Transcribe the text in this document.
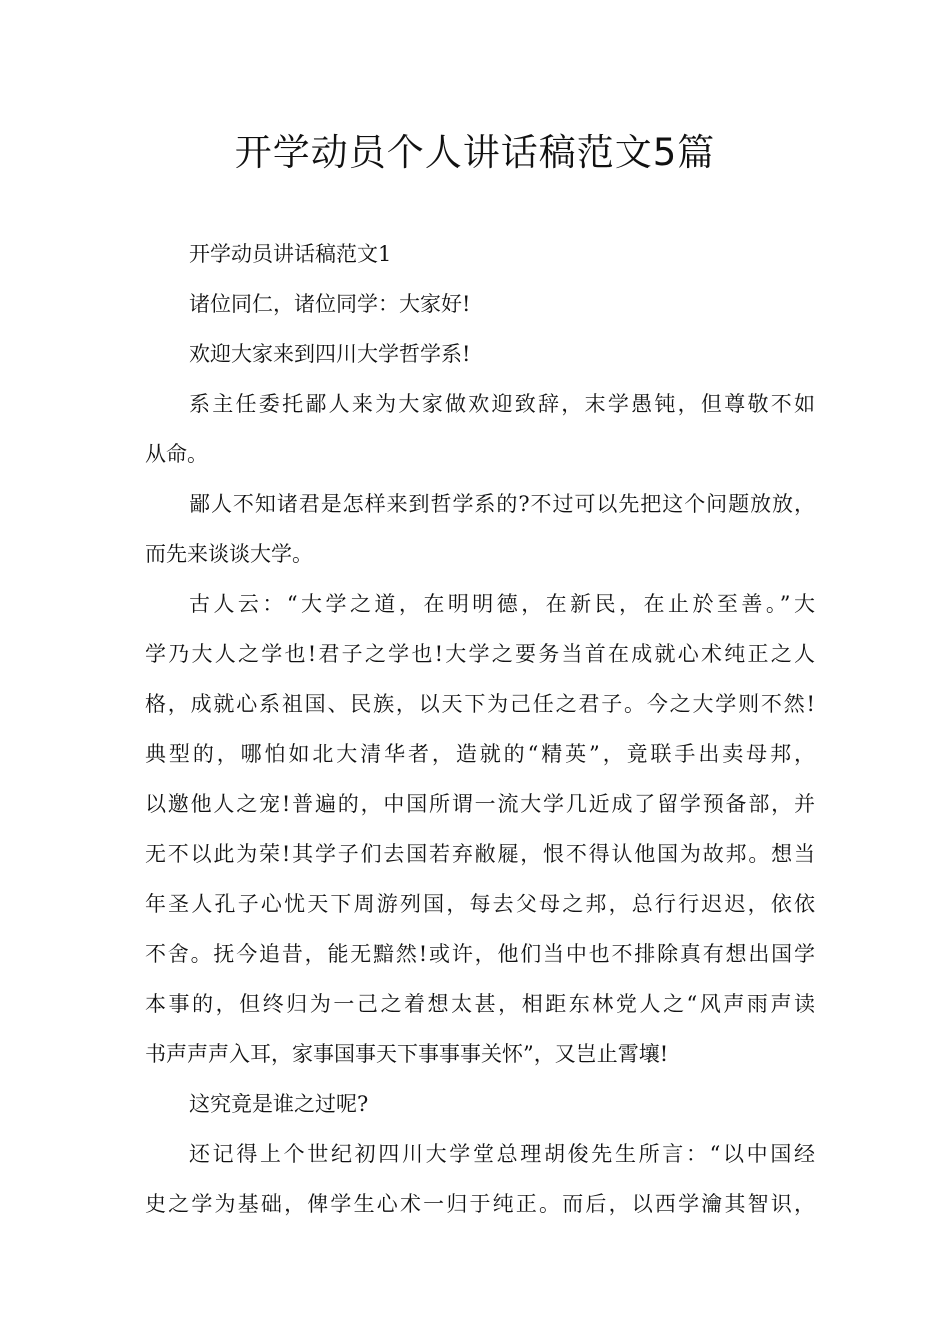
开学动员个人讲话稿范文5篇

开学动员讲话稿范文1

诸位同仁，诸位同学：大家好!

欢迎大家来到四川大学哲学系!

系主任委托鄙人来为大家做欢迎致辞，末学愚钝，但尊敬不如
从命。

鄙人不知诸君是怎样来到哲学系的?不过可以先把这个问题放放，
而先来谈谈大学。

古人云：“大学之道，在明明德，在新民，在止於至善。”大
学乃大人之学也!君子之学也!大学之要务当首在成就心术纯正之人
格，成就心系祖国、民族，以天下为己任之君子。今之大学则不然!
典型的，哪怕如北大清华者，造就的“精英”，竟联手出卖母邦，
以邀他人之宠!普遍的，中国所谓一流大学几近成了留学预备部，并
无不以此为荣!其学子们去国若弃敝屣，恨不得认他国为故邦。想当
年圣人孔子心忧天下周游列国，每去父母之邦，总行行迟迟，依依
不舍。抚今追昔，能无黯然!或许，他们当中也不排除真有想出国学
本事的，但终归为一己之着想太甚，相距东林党人之“风声雨声读
书声声声入耳，家事国事天下事事事关怀”，又岂止霄壤!

这究竟是谁之过呢?

还记得上个世纪初四川大学堂总理胡俊先生所言：“以中国经
史之学为基础，俾学生心术一归于纯正。而后，以西学瀹其智识，
